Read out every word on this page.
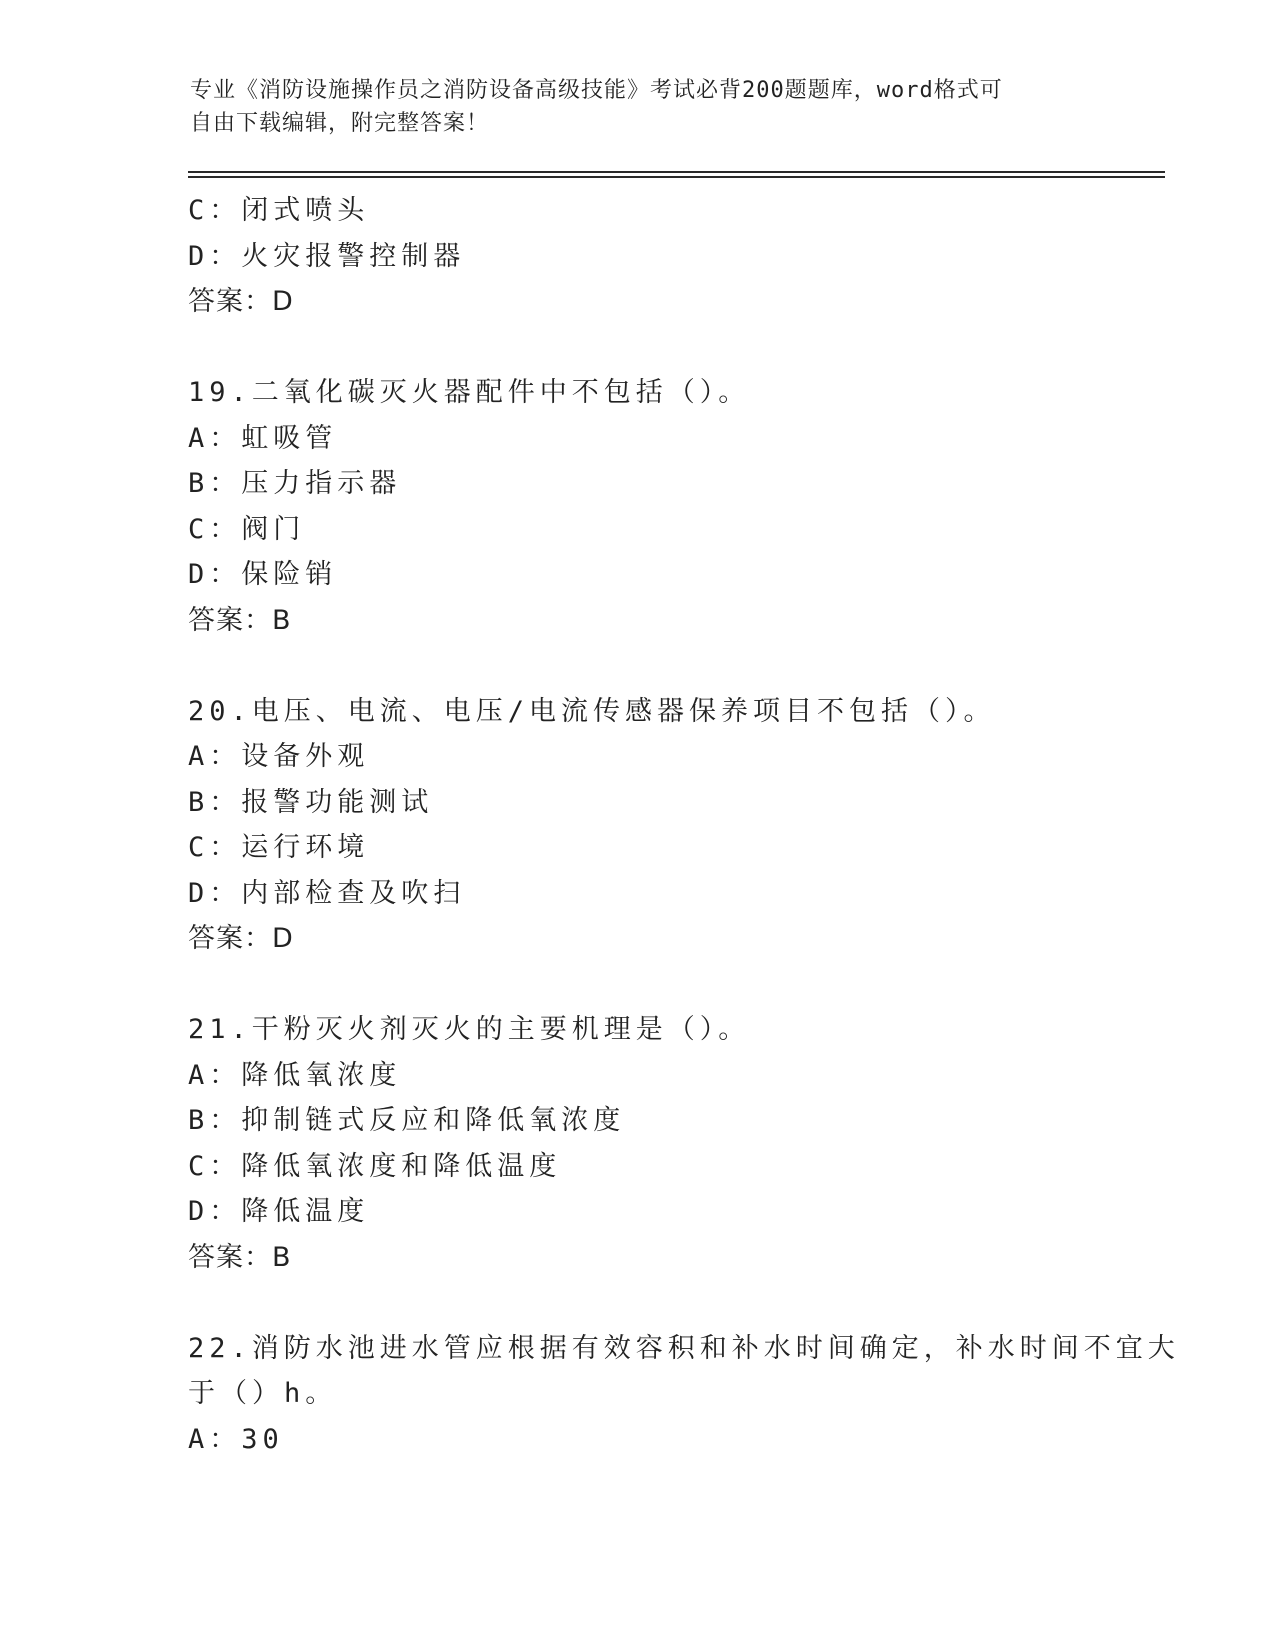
专业《消防设施操作员之消防设备高级技能》考试必背200题题库，word格式可
自由下载编辑，附完整答案！
C：闭式喷头
D：火灾报警控制器
答案：D
19.二氧化碳灭火器配件中不包括（）。
A：虹吸管
B：压力指示器
C：阀门
D：保险销
答案：B
20.电压、电流、电压/电流传感器保养项目不包括（）。
A：设备外观
B：报警功能测试
C：运行环境
D：内部检查及吹扫
答案：D
21.干粉灭火剂灭火的主要机理是（）。
A：降低氧浓度
B：抑制链式反应和降低氧浓度
C：降低氧浓度和降低温度
D：降低温度
答案：B
22.消防水池进水管应根据有效容积和补水时间确定，补水时间不宜大
于（）h。
A：30
